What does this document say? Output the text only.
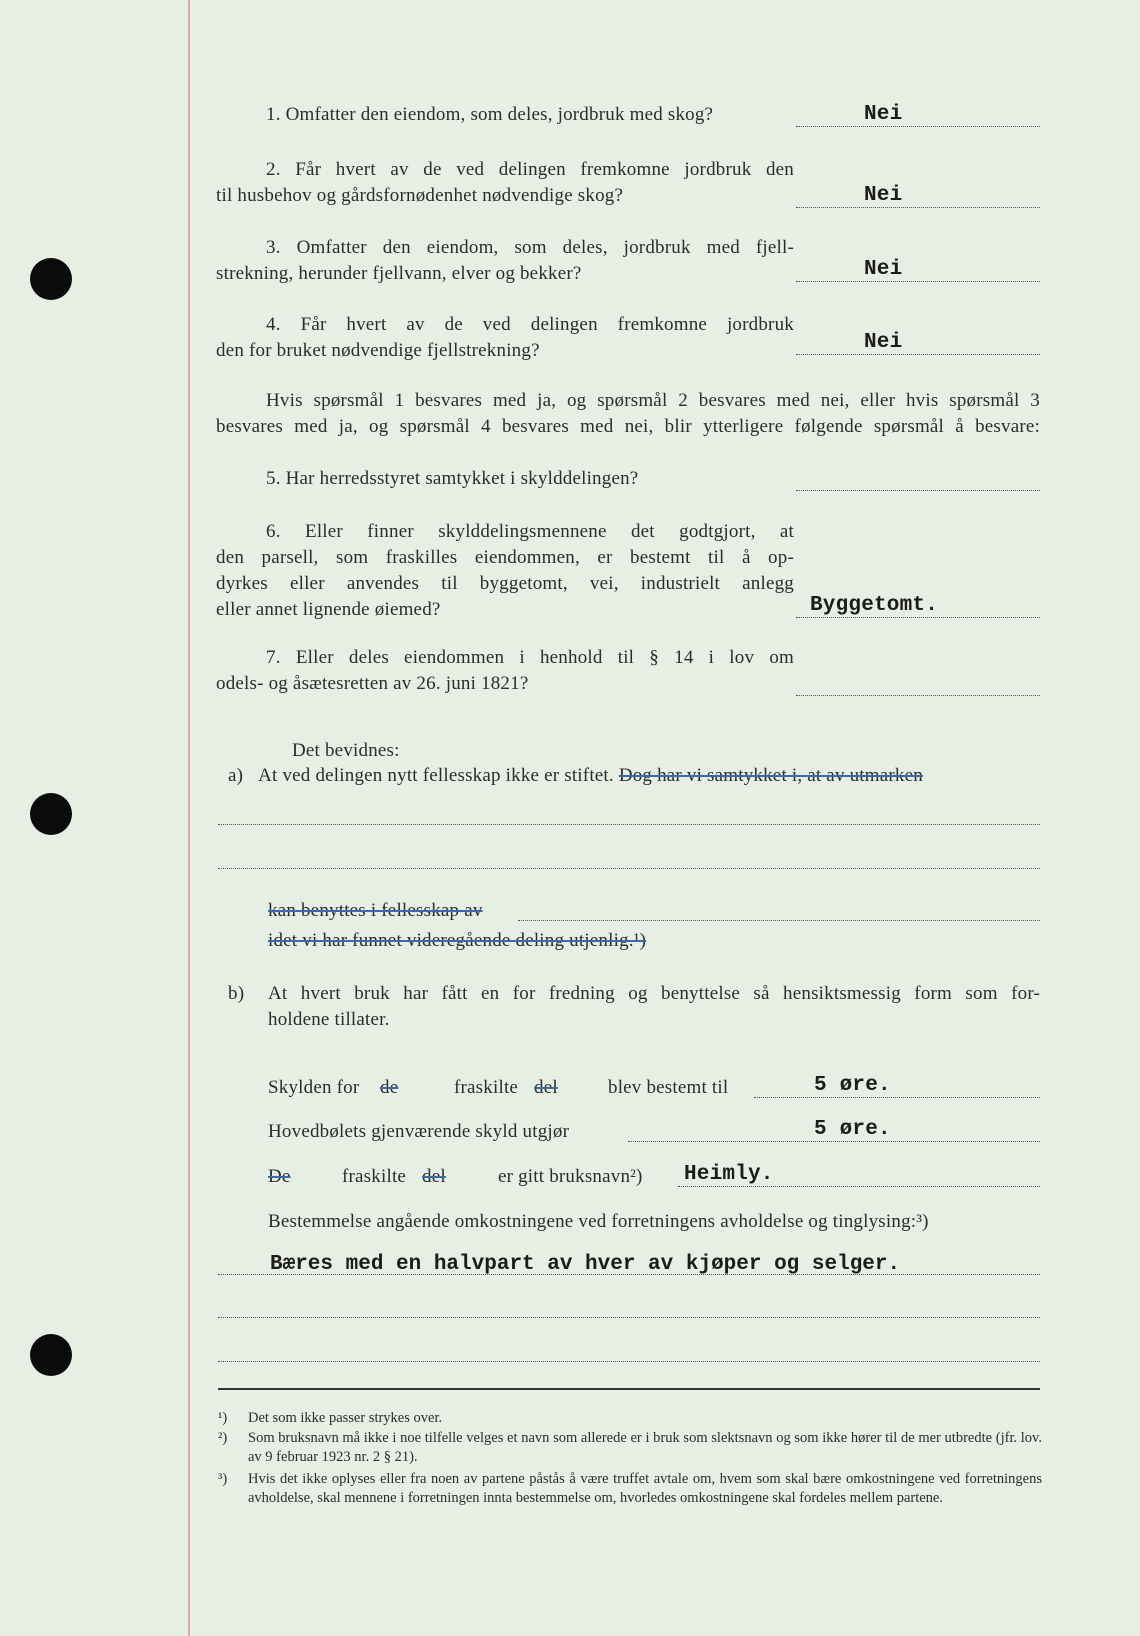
1. Omfatter den eiendom, som deles, jordbruk med skog?	Nei
2. Får hvert av de ved delingen fremkomne jordbruk den
til husbehov og gårdsfornødenhet nødvendige skog?	Nei
3. Omfatter den eiendom, som deles, jordbruk med fjell-
strekning, herunder fjellvann, elver og bekker?	Nei
4. Får hvert av de ved delingen fremkomne jordbruk
den for bruket nødvendige fjellstrekning?	Nei
Hvis spørsmål 1 besvares med ja, og spørsmål 2 besvares med nei, eller hvis spørsmål 3
besvares med ja, og spørsmål 4 besvares med nei, blir ytterligere følgende spørsmål å besvare:
5. Har herredsstyret samtykket i skylddelingen?
6. Eller finner skylddelingsmennene det godtgjort, at
den parsell, som fraskilles eiendommen, er bestemt til å op-
dyrkes eller anvendes til byggetomt, vei, industrielt anlegg
eller annet lignende øiemed?	Byggetomt.
7. Eller deles eiendommen i henhold til § 14 i lov om
odels- og åsætesretten av 26. juni 1821?
Det bevidnes:
a) At ved delingen nytt fellesskap ikke er stiftet. Dog har vi samtykket i, at av utmarken
kan benyttes i fellesskap av
idet vi har funnet videregående deling utjenlig.¹)
b) At hvert bruk har fått en for fredning og benyttelse så hensiktsmessig form som for-
holdene tillater.
Skylden for de	fraskilte del	blev bestemt til	5 øre.
Hovedbølets gjenværende skyld utgjør	5 øre.
De	fraskilte del	er gitt bruksnavn²) Heimly.
Bestemmelse angående omkostningene ved forretningens avholdelse og tinglysing:³)
Bæres med en halvpart av hver av kjøper og selger.
¹) Det som ikke passer strykes over.
²) Som bruksnavn må ikke i noe tilfelle velges et navn som allerede er i bruk som slektsnavn og som ikke hører til de mer utbredte (jfr. lov. av 9 februar 1923 nr. 2 § 21).
³) Hvis det ikke oplyses eller fra noen av partene påstås å være truffet avtale om, hvem som skal bære omkostningene ved forretningens avholdelse, skal mennene i forretningen innta bestemmelse om, hvorledes omkostningene skal fordeles mellem partene.
